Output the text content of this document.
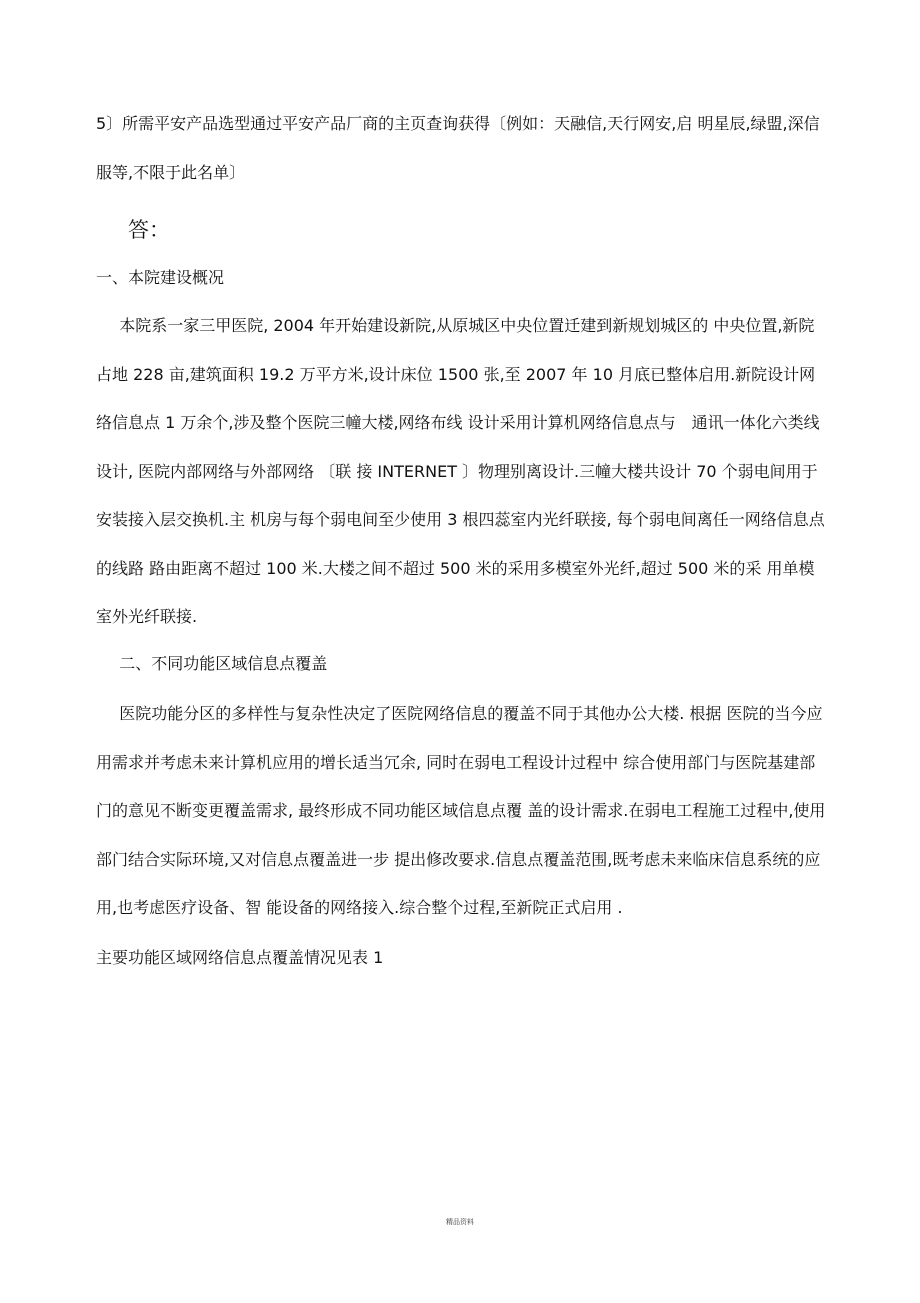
5〕所需平安产品选型通过平安产品厂商的主页查询获得〔例如：天融信,天行网安,启 明星辰,绿盟,深信服等,不限于此名单〕

答：

一、本院建设概况

本院系一家三甲医院, 2004 年开始建设新院,从原城区中央位置迁建到新规划城区的 中央位置,新院占地 228 亩,建筑面积 19.2 万平方米,设计床位 1500 张,至 2007 年 10 月底已整体启用.新院设计网络信息点 1 万余个,涉及整个医院三幢大楼,网络布线 设计采用计算机网络信息点与　通讯一体化六类线设计, 医院内部网络与外部网络 〔联 接 INTERNET 〕物理别离设计.三幢大楼共设计 70 个弱电间用于安装接入层交换机.主 机房与每个弱电间至少使用 3 根四蕊室内光纤联接, 每个弱电间离任一网络信息点的线路 路由距离不超过 100 米.大楼之间不超过 500 米的采用多模室外光纤,超过 500 米的采 用单模室外光纤联接.

二、不同功能区域信息点覆盖

医院功能分区的多样性与复杂性决定了医院网络信息的覆盖不同于其他办公大楼. 根据 医院的当今应用需求并考虑未来计算机应用的增长适当冗余, 同时在弱电工程设计过程中 综合使用部门与医院基建部门的意见不断变更覆盖需求, 最终形成不同功能区域信息点覆 盖的设计需求.在弱电工程施工过程中,使用部门结合实际环境,又对信息点覆盖进一步 提出修改要求.信息点覆盖范围,既考虑未来临床信息系统的应用,也考虑医疗设备、智 能设备的网络接入.综合整个过程,至新院正式启用 .

主要功能区域网络信息点覆盖情况见表 1

精品资料
